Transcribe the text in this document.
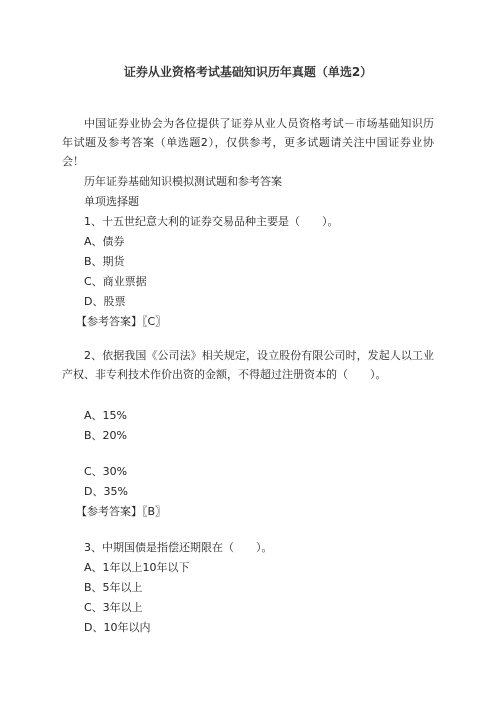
证券从业资格考试基础知识历年真题（单选2）
中国证券业协会为各位提供了证券从业人员资格考试－市场基础知识历年试题及参考答案（单选题2），仅供参考，更多试题请关注中国证券业协会！
历年证券基础知识模拟测试题和参考答案
单项选择题
1、十五世纪意大利的证券交易品种主要是（　　）。
A、债券
B、期货
C、商业票据
D、股票
【参考答案】〖C〗
2、依据我国《公司法》相关规定，设立股份有限公司时，发起人以工业产权、非专利技术作价出资的金额，不得超过注册资本的（　　）。
A、15%
B、20%
C、30%
D、35%
【参考答案】〖B〗
3、中期国债是指偿还期限在（　　）。
A、1年以上10年以下
B、5年以上
C、3年以上
D、10年以内
